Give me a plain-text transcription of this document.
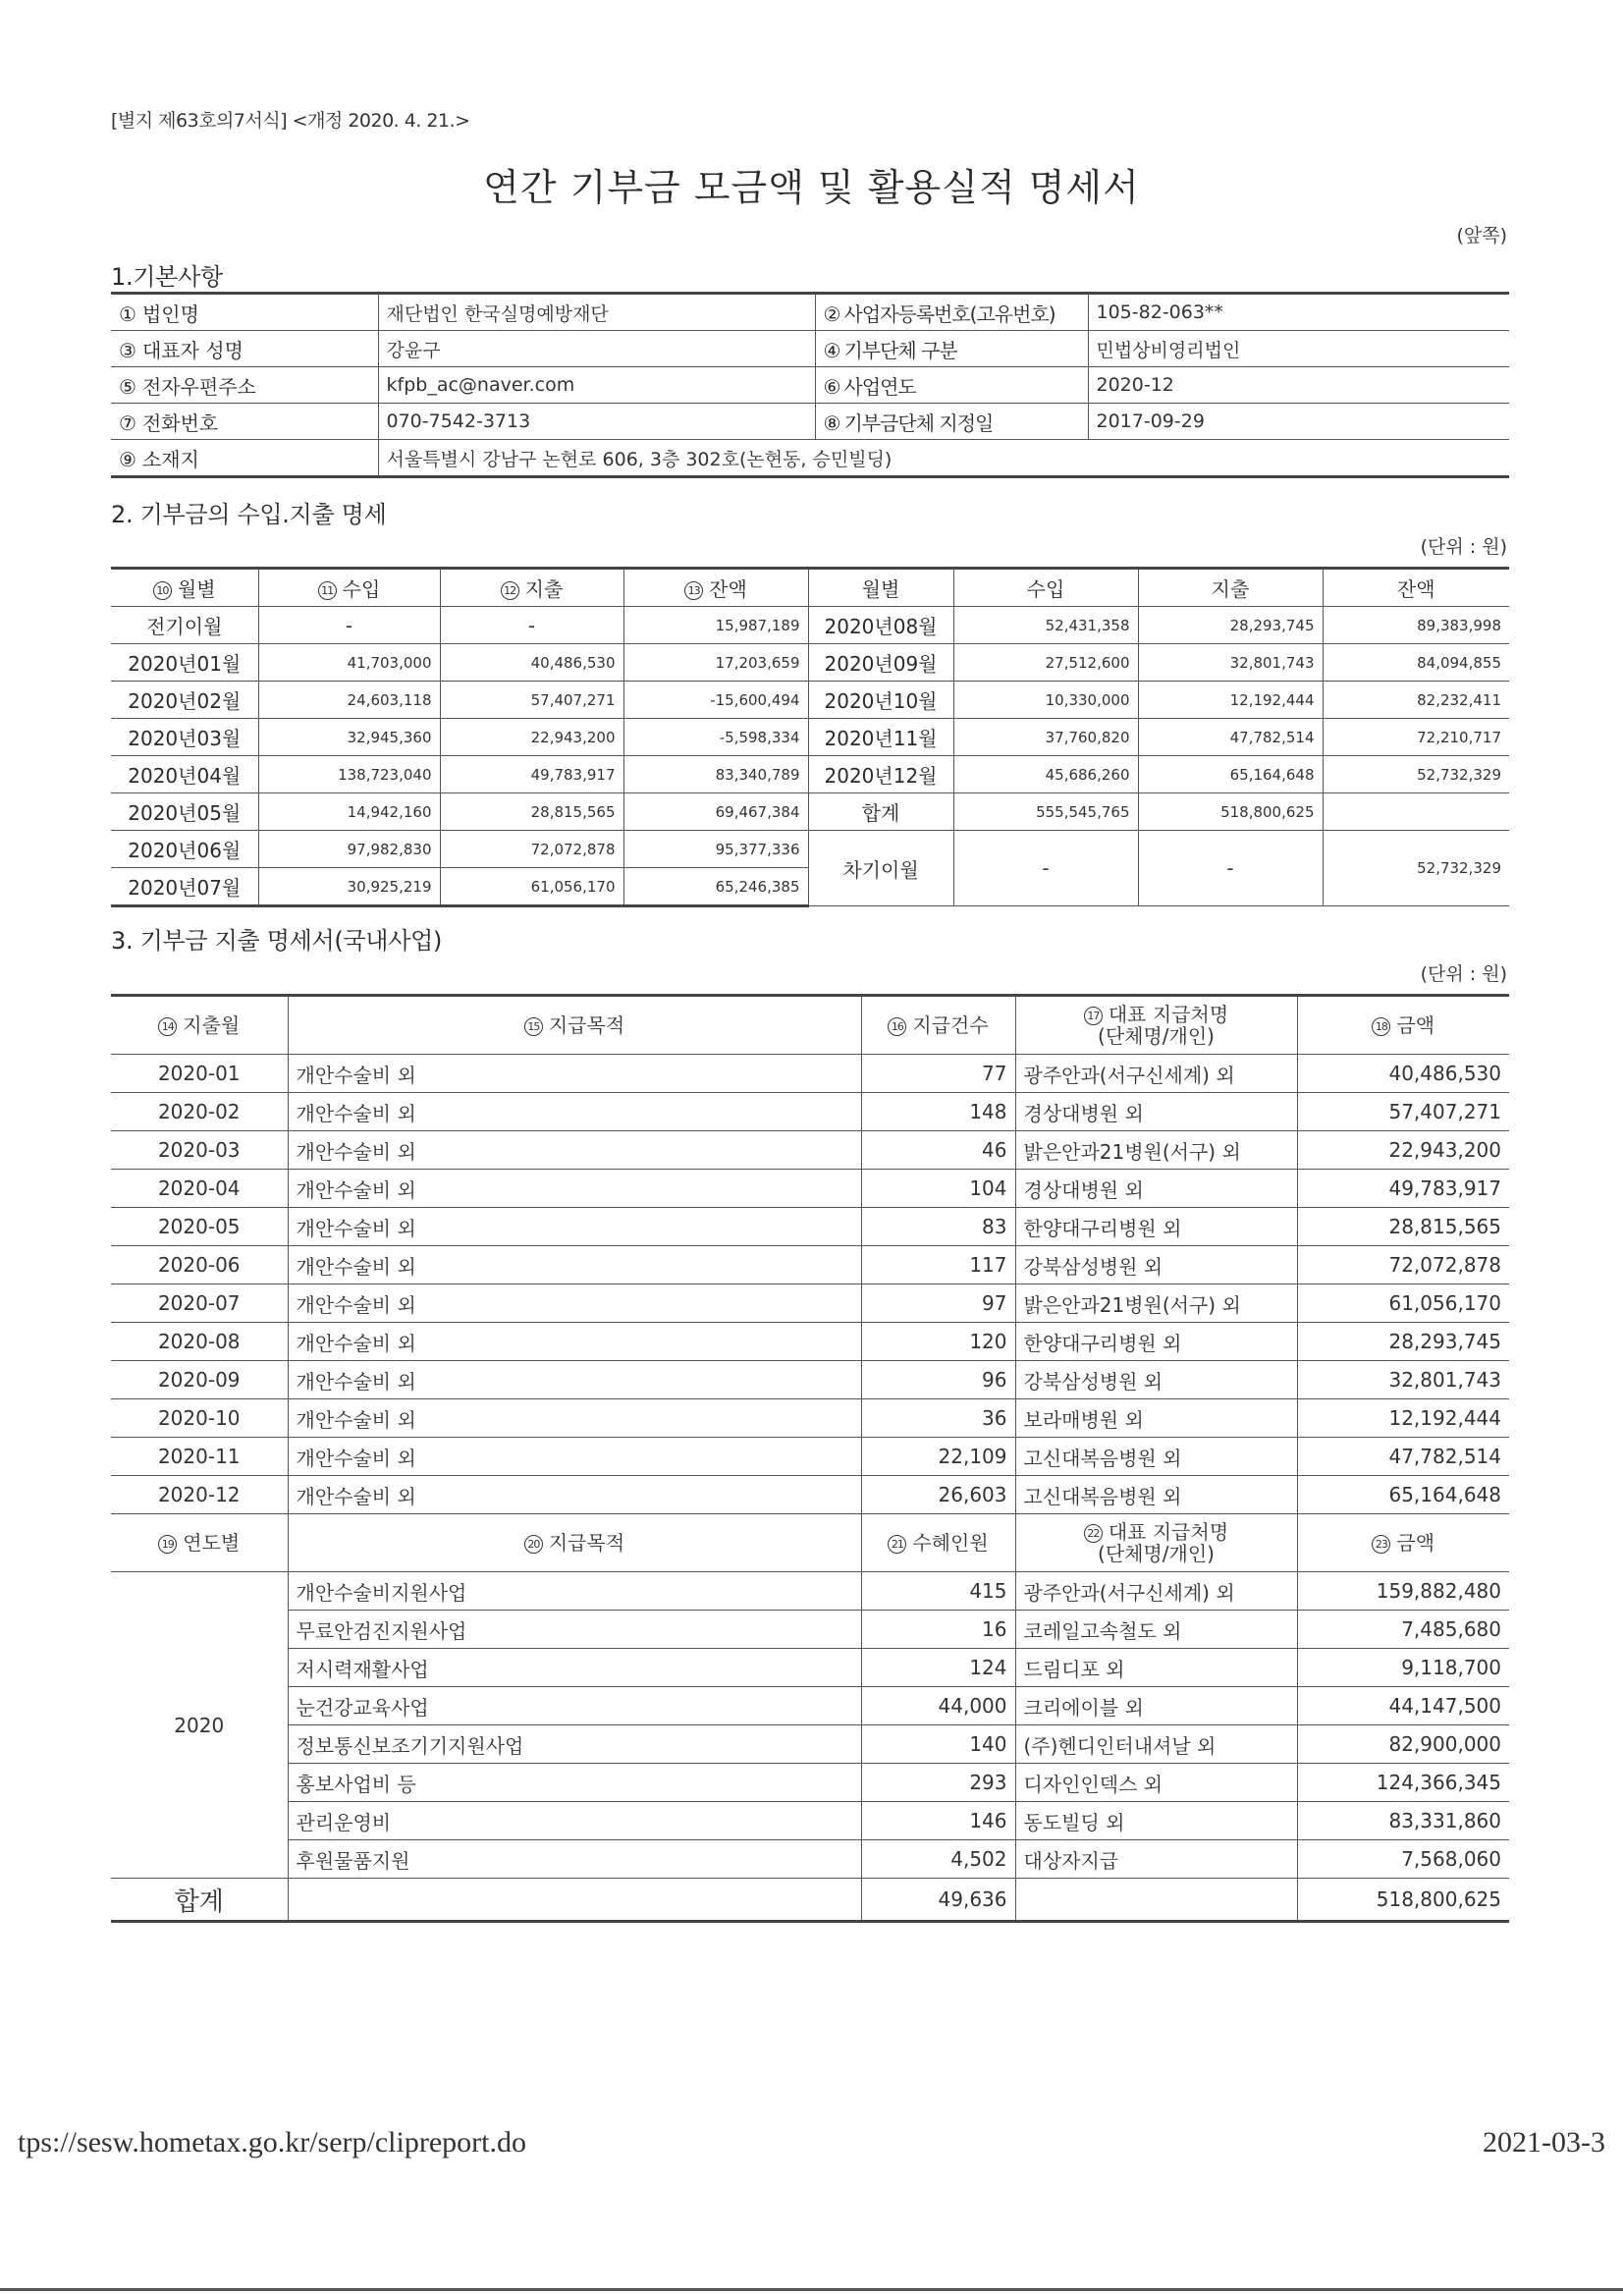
[별지 제63호의7서식] <개정 2020. 4. 21.>
연간 기부금 모금액 및 활용실적 명세서
(앞쪽)
1.기본사항
① 법인명	재단법인 한국실명예방재단	② 사업자등록번호(고유번호)	105-82-063**
③ 대표자 성명	강윤구	④ 기부단체 구분	민법상비영리법인
⑤ 전자우편주소	kfpb_ac@naver.com	⑥ 사업연도	2020-12
⑦ 전화번호	070-7542-3713	⑧ 기부금단체 지정일	2017-09-29
⑨ 소재지	서울특별시 강남구 논현로 606, 3층 302호(논현동, 승민빌딩)		
2. 기부금의 수입.지출 명세
(단위 : 원)
10 월별	11 수입	12 지출	13 잔액	월별	수입	지출	잔액
전기이월	-	-	15,987,189	2020년08월	52,431,358	28,293,745	89,383,998
2020년01월	41,703,000	40,486,530	17,203,659	2020년09월	27,512,600	32,801,743	84,094,855
2020년02월	24,603,118	57,407,271	-15,600,494	2020년10월	10,330,000	12,192,444	82,232,411
2020년03월	32,945,360	22,943,200	-5,598,334	2020년11월	37,760,820	47,782,514	72,210,717
2020년04월	138,723,040	49,783,917	83,340,789	2020년12월	45,686,260	65,164,648	52,732,329
2020년05월	14,942,160	28,815,565	69,467,384	합계	555,545,765	518,800,625	
2020년06월	97,982,830	72,072,878	95,377,336	차기이월	-	-	52,732,329
2020년07월	30,925,219	61,056,170	65,246,385				
3. 기부금 지출 명세서(국내사업)
(단위 : 원)
14 지출월	15 지급목적	16 지급건수	17 대표 지급처명
(단체명/개인)	18 금액

2020-01	개안수술비 외	77	광주안과(서구신세계) 외	40,486,530
2020-02	개안수술비 외	148	경상대병원 외	57,407,271
2020-03	개안수술비 외	46	밝은안과21병원(서구) 외	22,943,200
2020-04	개안수술비 외	104	경상대병원 외	49,783,917
2020-05	개안수술비 외	83	한양대구리병원 외	28,815,565
2020-06	개안수술비 외	117	강북삼성병원 외	72,072,878
2020-07	개안수술비 외	97	밝은안과21병원(서구) 외	61,056,170
2020-08	개안수술비 외	120	한양대구리병원 외	28,293,745
2020-09	개안수술비 외	96	강북삼성병원 외	32,801,743
2020-10	개안수술비 외	36	보라매병원 외	12,192,444
2020-11	개안수술비 외	22,109	고신대복음병원 외	47,782,514
2020-12	개안수술비 외	26,603	고신대복음병원 외	65,164,648

19 연도별	20 지급목적	21 수혜인원	22 대표 지급처명
(단체명/개인)	23 금액

2020	개안수술비지원사업	415	광주안과(서구신세계) 외	159,882,480
	무료안검진지원사업	16	코레일고속철도 외	7,485,680
	저시력재활사업	124	드림디포 외	9,118,700
	눈건강교육사업	44,000	크리에이블 외	44,147,500
	정보통신보조기기지원사업	140	(주)헨디인터내셔날 외	82,900,000
	홍보사업비 등	293	디자인인덱스 외	124,366,345
	관리운영비	146	동도빌딩 외	83,331,860
	후원물품지원	4,502	대상자지급	7,568,060
합계		49,636		518,800,625
tps://sesw.hometax.go.kr/serp/clipreport.do	2021-03-3
